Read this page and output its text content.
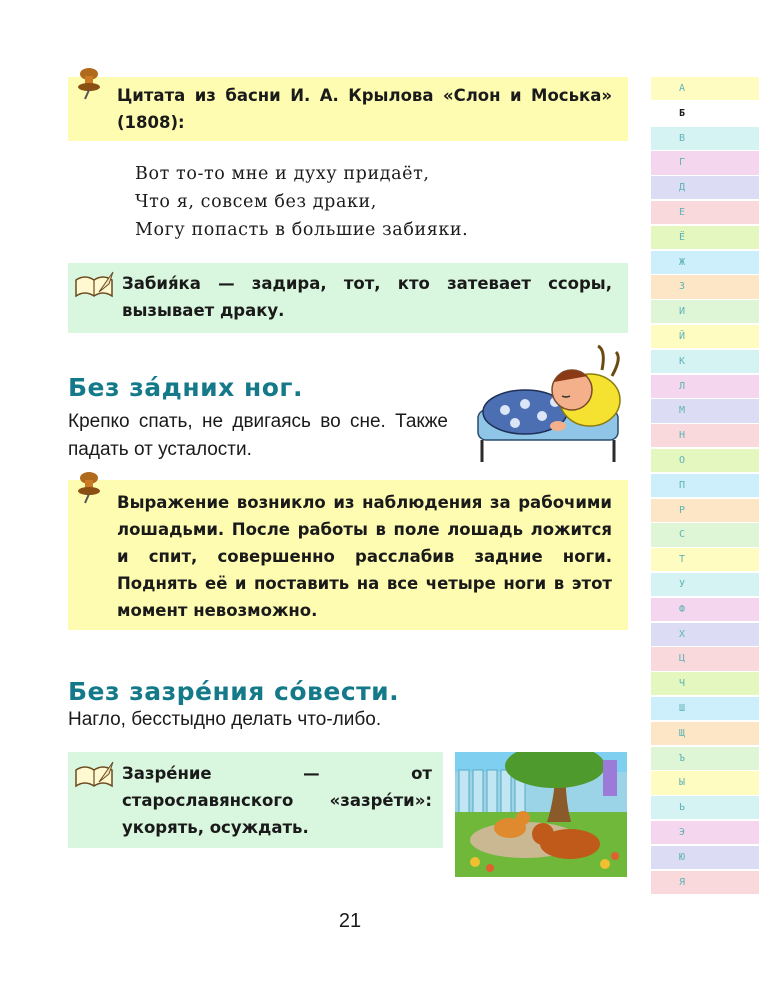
Цитата из басни И. А. Крылова «Слон и Моська» (1808):
Вот то-то мне и духу придаёт,
Что я, совсем без драки,
Могу попасть в большие забияки.
Забия́ка — задира, тот, кто затевает ссоры, вызывает драку.
Без за́дних ног.
Крепко спать, не двигаясь во сне. Также падать от усталости.
Выражение возникло из наблюдения за рабочими лошадьми. После работы в поле лошадь ложится и спит, совершенно расслабив задние ноги. Поднять её и поставить на все четыре ноги в этот момент невозможно.
Без зазре́ния со́вести.
Нагло, бесстыдно делать что-либо.
Зазре́ние — от старославянского «зазре́ти»: укорять, осуждать.
А
Б
В
Г
Д
Е
Ё
Ж
З
И
Й
К
Л
М
Н
О
П
Р
С
Т
У
Ф
Х
Ц
Ч
Ш
Щ
Ъ
Ы
Ь
Э
Ю
Я
21
